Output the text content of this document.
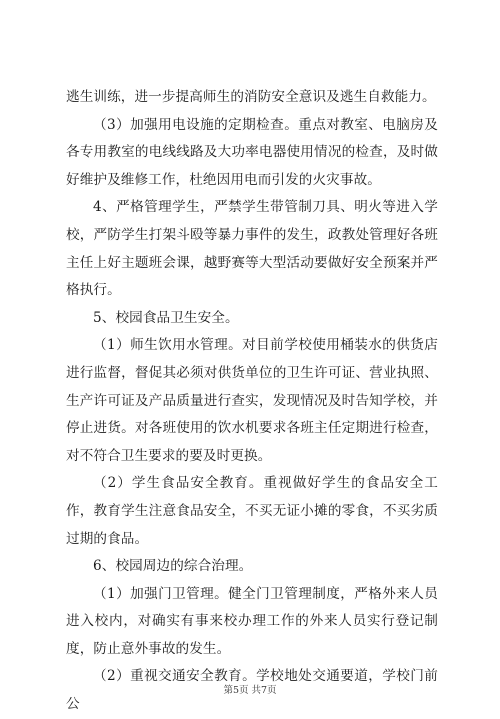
逃生训练，进一步提高师生的消防安全意识及逃生自救能力。

（3）加强用电设施的定期检查。重点对教室、电脑房及各专用教室的电线线路及大功率电器使用情况的检查，及时做好维护及维修工作，杜绝因用电而引发的火灾事故。

4、严格管理学生，严禁学生带管制刀具、明火等进入学校，严防学生打架斗殴等暴力事件的发生，政教处管理好各班主任上好主题班会课，越野赛等大型活动要做好安全预案并严格执行。

5、校园食品卫生安全。

（1）师生饮用水管理。对目前学校使用桶装水的供货店进行监督，督促其必须对供货单位的卫生许可证、营业执照、生产许可证及产品质量进行查实，发现情况及时告知学校，并停止进货。对各班使用的饮水机要求各班主任定期进行检查，对不符合卫生要求的要及时更换。

（2）学生食品安全教育。重视做好学生的食品安全工作，教育学生注意食品安全，不买无证小摊的零食，不买劣质过期的食品。

6、校园周边的综合治理。

（1）加强门卫管理。健全门卫管理制度，严格外来人员进入校内，对确实有事来校办理工作的外来人员实行登记制度，防止意外事故的发生。

（2）重视交通安全教育。学校地处交通要道，学校门前公

第5页 共7页
